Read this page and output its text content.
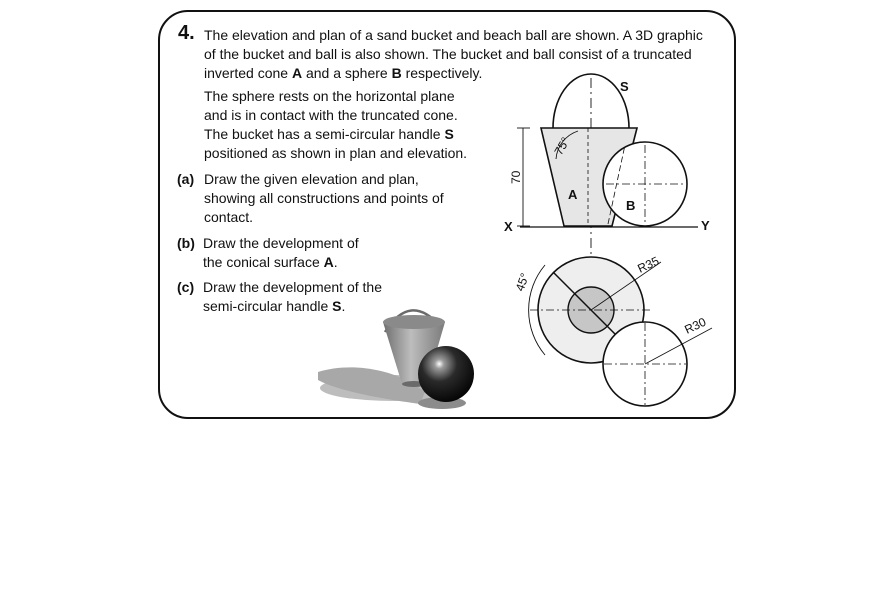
4. The elevation and plan of a sand bucket and beach ball are shown. A 3D graphic
of the bucket and ball is also shown. The bucket and ball consist of a truncated
inverted cone A and a sphere B respectively.
The sphere rests on the horizontal plane
and is in contact with the truncated cone.
The bucket has a semi-circular handle S
positioned as shown in plan and elevation.
(a) Draw the given elevation and plan,
showing all constructions and points of
contact.
(b) Draw the development of
the conical surface A.
(c) Draw the development of the
semi-circular handle S.
S
A
B
X	Y
70
75°
45°
R35
R30
